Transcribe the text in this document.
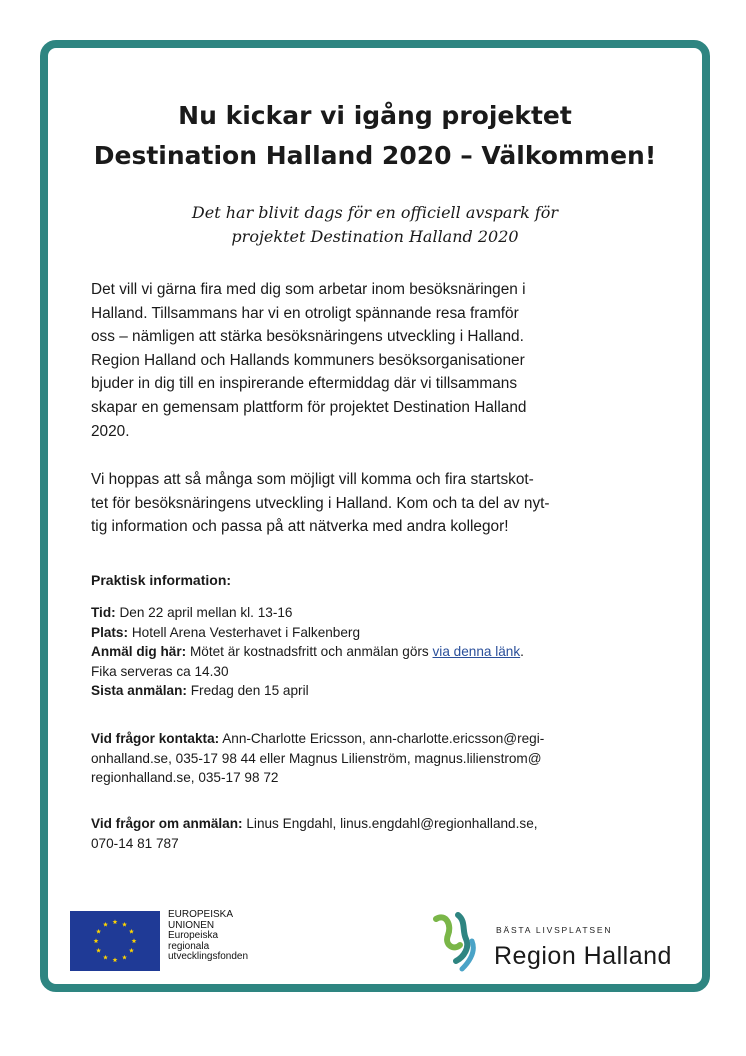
Nu kickar vi igång projektet
Destination Halland 2020 – Välkommen!

Det har blivit dags för en officiell avspark för
projektet Destination Halland 2020

Det vill vi gärna fira med dig som arbetar inom besöksnäringen i
Halland. Tillsammans har vi en otroligt spännande resa framför
oss – nämligen att stärka besöksnäringens utveckling i Halland.
Region Halland och Hallands kommuners besöksorganisationer
bjuder in dig till en inspirerande eftermiddag där vi tillsammans
skapar en gemensam plattform för projektet Destination Halland
2020.

Vi hoppas att så många som möjligt vill komma och fira startskot-
tet för besöksnäringens utveckling i Halland. Kom och ta del av nyt-
tig information och passa på att nätverka med andra kollegor!

Praktisk information:

Tid: Den 22 april mellan kl. 13-16
Plats: Hotell Arena Vesterhavet i Falkenberg
Anmäl dig här: Mötet är kostnadsfritt och anmälan görs via denna länk.
Fika serveras ca 14.30
Sista anmälan: Fredag den 15 april

Vid frågor kontakta: Ann-Charlotte Ericsson, ann-charlotte.ericsson@regi-
onhalland.se, 035-17 98 44 eller Magnus Lilienström, magnus.lilienstrom@
regionhalland.se, 035-17 98 72

Vid frågor om anmälan: Linus Engdahl, linus.engdahl@regionhalland.se,
070-14 81 787

EUROPEISKA
UNIONEN
Europeiska
regionala
utvecklingsfonden

BÄSTA LIVSPLATSEN

Region Halland
